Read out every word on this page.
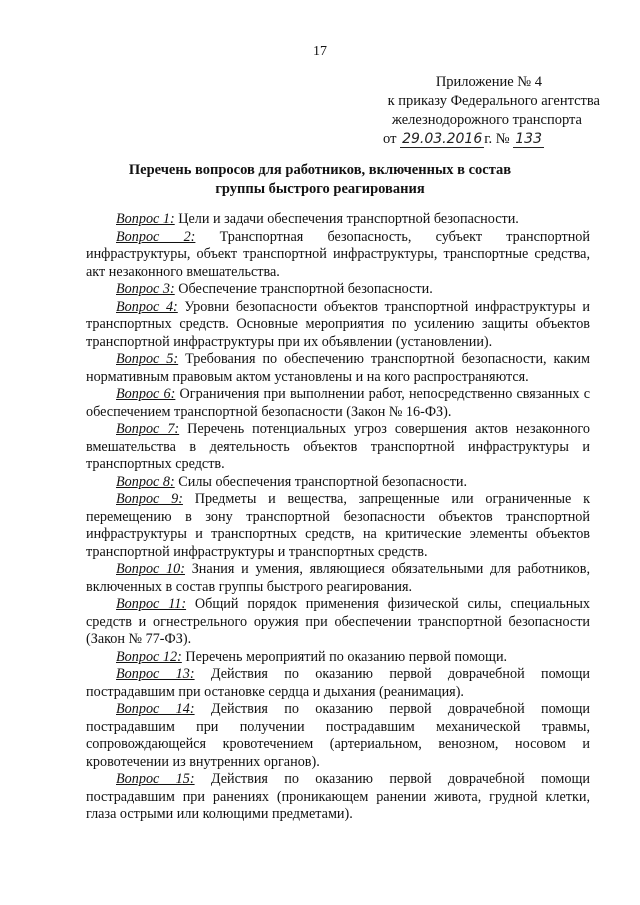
17
Приложение № 4
к приказу Федерального агентства
железнодорожного транспорта
от 29.03.2016 г. № 133
Перечень вопросов для работников, включенных в состав
группы быстрого реагирования

Вопрос 1: Цели и задачи обеспечения транспортной безопасности.

Вопрос 2: Транспортная безопасность, субъект транспортной инфраструктуры, объект транспортной инфраструктуры, транспортные средства, акт незаконного вмешательства.

Вопрос 3: Обеспечение транспортной безопасности.

Вопрос 4: Уровни безопасности объектов транспортной инфраструктуры и транспортных средств. Основные мероприятия по усилению защиты объектов транспортной инфраструктуры при их объявлении (установлении).

Вопрос 5: Требования по обеспечению транспортной безопасности, каким нормативным правовым актом установлены и на кого распространяются.

Вопрос 6: Ограничения при выполнении работ, непосредственно связанных с обеспечением транспортной безопасности (Закон № 16-ФЗ).

Вопрос 7: Перечень потенциальных угроз совершения актов незаконного вмешательства в деятельность объектов транспортной инфраструктуры и транспортных средств.

Вопрос 8: Силы обеспечения транспортной безопасности.

Вопрос 9: Предметы и вещества, запрещенные или ограниченные к перемещению в зону транспортной безопасности объектов транспортной инфраструктуры и транспортных средств, на критические элементы объектов транспортной инфраструктуры и транспортных средств.

Вопрос 10: Знания и умения, являющиеся обязательными для работников, включенных в состав группы быстрого реагирования.

Вопрос 11: Общий порядок применения физической силы, специальных средств и огнестрельного оружия при обеспечении транспортной безопасности (Закон № 77-ФЗ).

Вопрос 12: Перечень мероприятий по оказанию первой помощи.

Вопрос 13: Действия по оказанию первой доврачебной помощи пострадавшим при остановке сердца и дыхания (реанимация).

Вопрос 14: Действия по оказанию первой доврачебной помощи пострадавшим при получении пострадавшим механической травмы, сопровождающейся кровотечением (артериальном, венозном, носовом и кровотечении из внутренних органов).

Вопрос 15: Действия по оказанию первой доврачебной помощи пострадавшим при ранениях (проникающем ранении живота, грудной клетки, глаза острыми или колющими предметами).
